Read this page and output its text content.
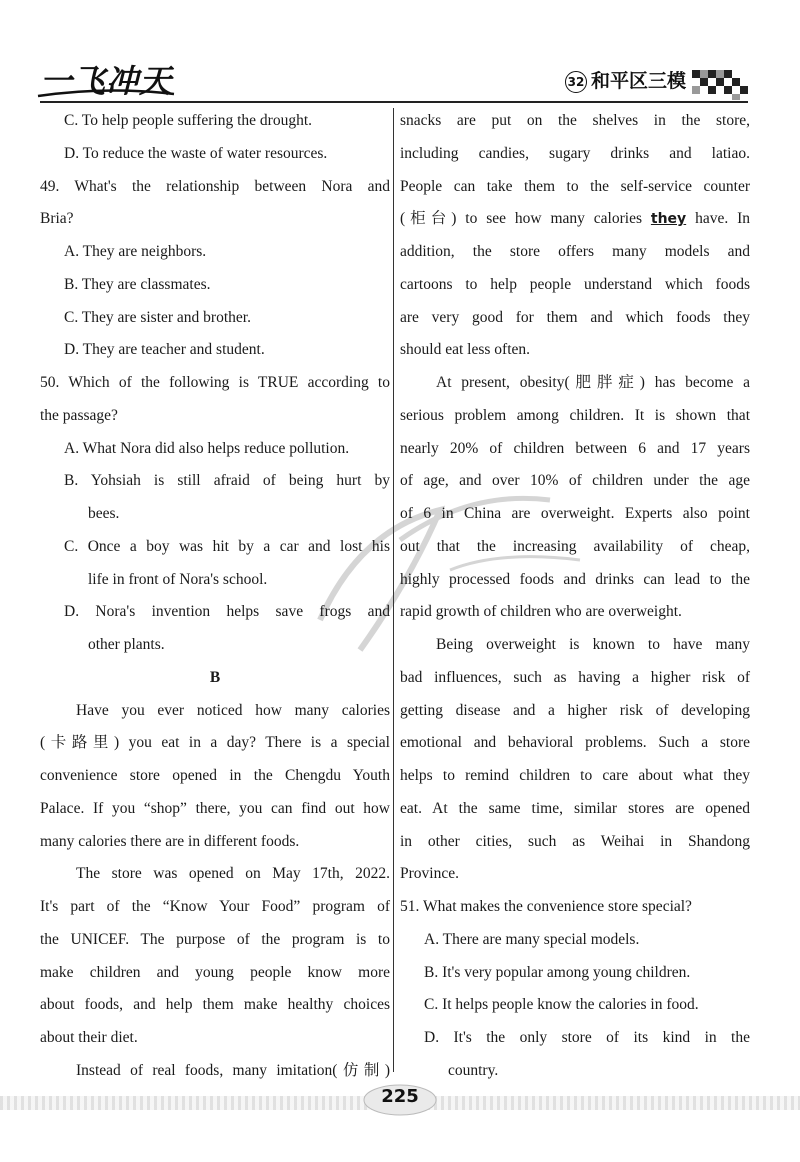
一飞冲天	32 和平区三模
C. To help people suffering the drought.
D. To reduce the waste of water resources.
49. What's the relationship between Nora and
Bria?
A. They are neighbors.
B. They are classmates.
C. They are sister and brother.
D. They are teacher and student.
50. Which of the following is TRUE according to
the passage?
A. What Nora did also helps reduce pollution.
B. Yohsiah is still afraid of being hurt by
bees.
C. Once a boy was hit by a car and lost his
life in front of Nora's school.
D. Nora's invention helps save frogs and
other plants.
B
Have you ever noticed how many calories
(卡路里) you eat in a day? There is a special
convenience store opened in the Chengdu Youth
Palace. If you “shop” there, you can find out how
many calories there are in different foods.
The store was opened on May 17th, 2022.
It's part of the “Know Your Food” program of
the UNICEF. The purpose of the program is to
make children and young people know more
about foods, and help them make healthy choices
about their diet.
Instead of real foods, many imitation(仿制)
snacks are put on the shelves in the store,
including candies, sugary drinks and latiao.
People can take them to the self-service counter
(柜台) to see how many calories they have. In
addition, the store offers many models and
cartoons to help people understand which foods
are very good for them and which foods they
should eat less often.
At present, obesity(肥胖症) has become a
serious problem among children. It is shown that
nearly 20% of children between 6 and 17 years
of age, and over 10% of children under the age
of 6 in China are overweight. Experts also point
out that the increasing availability of cheap,
highly processed foods and drinks can lead to the
rapid growth of children who are overweight.
Being overweight is known to have many
bad influences, such as having a higher risk of
getting disease and a higher risk of developing
emotional and behavioral problems. Such a store
helps to remind children to care about what they
eat. At the same time, similar stores are opened
in other cities, such as Weihai in Shandong
Province.
51. What makes the convenience store special?
A. There are many special models.
B. It's very popular among young children.
C. It helps people know the calories in food.
D. It's the only store of its kind in the
country.
225
